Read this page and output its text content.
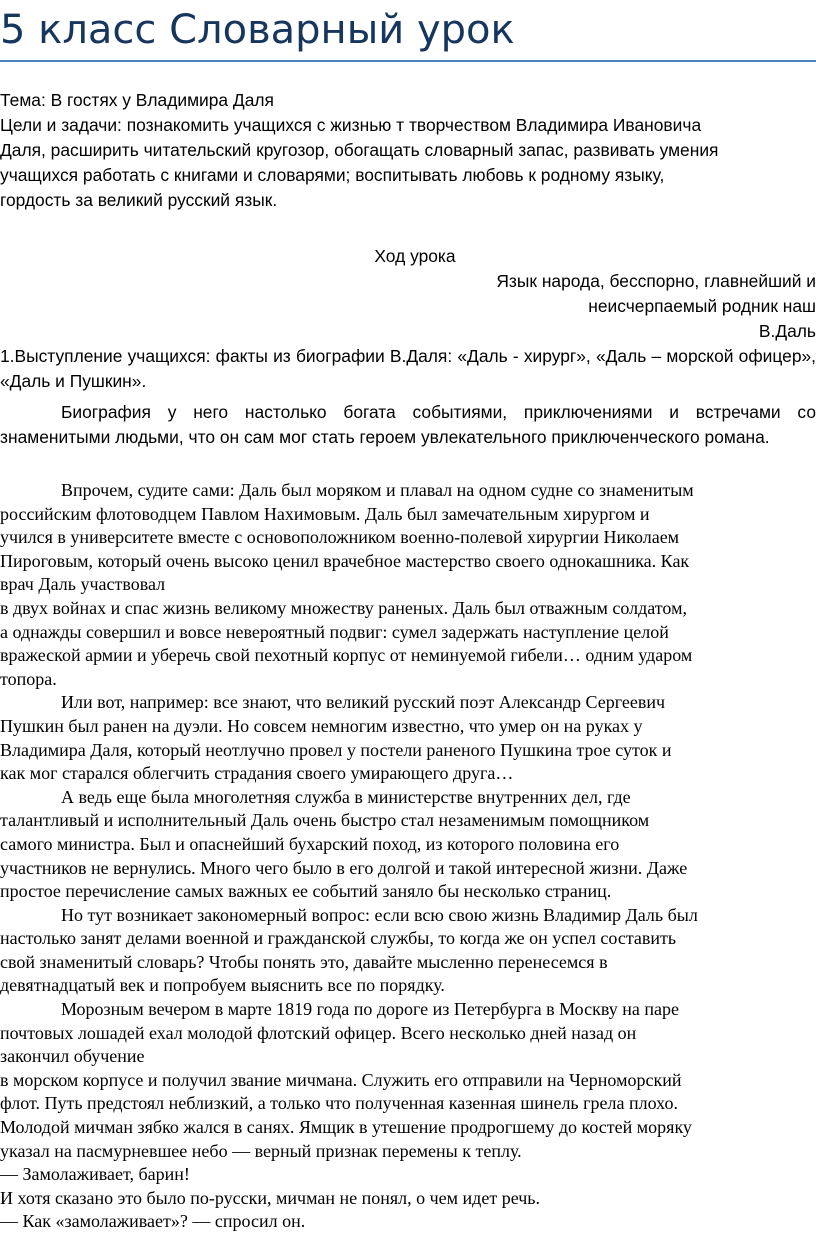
5 класс Словарный урок

Тема: В гостях у Владимира Даля

Цели и задачи: познакомить учащихся с жизнью т творчеством Владимира Ивановича
Даля, расширить читательский кругозор, обогащать словарный запас, развивать умения
учащихся работать с книгами и словарями; воспитывать любовь к родному языку,
гордость за великий русский язык.

Ход урока

Язык народа, бесспорно, главнейший и
неисчерпаемый родник наш
В.Даль

1.Выступление учащихся: факты из биографии В.Даля: «Даль - хирург», «Даль – морской офицер», «Даль и Пушкин».

Биография у него настолько богата событиями, приключениями и встречами со знаменитыми людьми, что он сам мог стать героем увлекательного приключенческого романа.

Впрочем, судите сами: Даль был моряком и плавал на одном судне со знаменитым
российским флотоводцем Павлом Нахимовым. Даль был замечательным хирургом и
учился в университете вместе с основоположником военно-полевой хирургии Николаем
Пироговым, который очень высоко ценил врачебное мастерство своего однокашника. Как
врач Даль участвовал
в двух войнах и спас жизнь великому множеству раненых. Даль был отважным солдатом,
а однажды совершил и вовсе невероятный подвиг: сумел задержать наступление целой
вражеской армии и уберечь свой пехотный корпус от неминуемой гибели… одним ударом
топора.
Или вот, например: все знают, что великий русский поэт Александр Сергеевич
Пушкин был ранен на дуэли. Но совсем немногим известно, что умер он на руках у
Владимира Даля, который неотлучно провел у постели раненого Пушкина трое суток и
как мог старался облегчить страдания своего умирающего друга…
А ведь еще была многолетняя служба в министерстве внутренних дел, где
талантливый и исполнительный Даль очень быстро стал незаменимым помощником
самого министра. Был и опаснейший бухарский поход, из которого половина его
участников не вернулись. Много чего было в его долгой и такой интересной жизни. Даже
простое перечисление самых важных ее событий заняло бы несколько страниц.
Но тут возникает закономерный вопрос: если всю свою жизнь Владимир Даль был
настолько занят делами военной и гражданской службы, то когда же он успел составить
свой знаменитый словарь? Чтобы понять это, давайте мысленно перенесемся в
девятнадцатый век и попробуем выяснить все по порядку.
Морозным вечером в марте 1819 года по дороге из Петербурга в Москву на паре
почтовых лошадей ехал молодой флотский офицер. Всего несколько дней назад он
закончил обучение
в морском корпусе и получил звание мичмана. Служить его отправили на Черноморский
флот. Путь предстоял неблизкий, а только что полученная казенная шинель грела плохо.
Молодой мичман зябко жался в санях. Ямщик в утешение продрогшему до костей моряку
указал на пасмурневшее небо — верный признак перемены к теплу.
— Замолаживает, барин!
И хотя сказано это было по-русски, мичман не понял, о чем идет речь.
— Как «замолаживает»? — спросил он.
